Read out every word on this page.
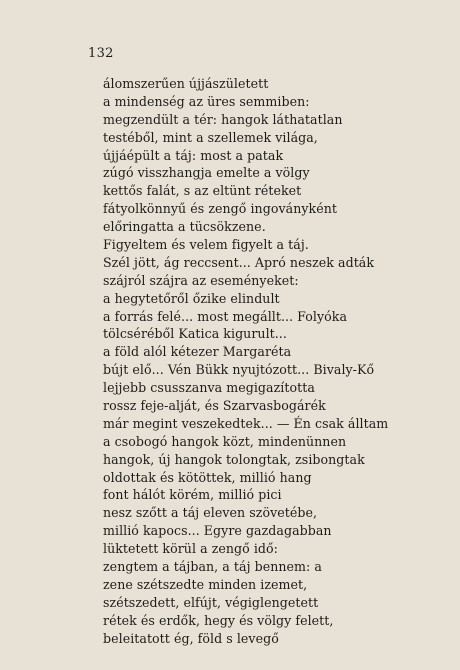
132
álomszerűen újjászületett
a mindenség az üres semmiben:
megzendült a tér: hangok láthatatlan
testéből, mint a szellemek világa,
újjáépült a táj: most a patak
zúgó visszhangja emelte a völgy
kettős falát, s az eltünt réteket
fátyolkönnyű és zengő ingoványként
előringatta a tücsökzene.
Figyeltem és velem figyelt a táj.
Szél jött, ág reccsent... Apró neszek adták
szájról szájra az eseményeket:
a hegytetőről őzike elindult
a forrás felé... most megállt... Folyóka
tölcséréből Katica kigurult...
a föld alól kétezer Margaréta
bújt elő... Vén Bükk nyujtózott... Bivaly-Kő
lejjebb csusszanva megigazította
rossz feje-alját, és Szarvasbogárék
már megint veszekedtek... — Én csak álltam
a csobogó hangok közt, mindenünnen
hangok, új hangok tolongtak, zsibongtak
oldottak és kötöttek, millió hang
font hálót körém, millió pici
nesz szőtt a táj eleven szövetébe,
millió kapocs... Egyre gazdagabban
lüktetett körül a zengő idő:
zengtem a tájban, a táj bennem: a
zene szétszedte minden izemet,
szétszedett, elfújt, végiglengetett
rétek és erdők, hegy és völgy felett,
beleitatott ég, föld s levegő
